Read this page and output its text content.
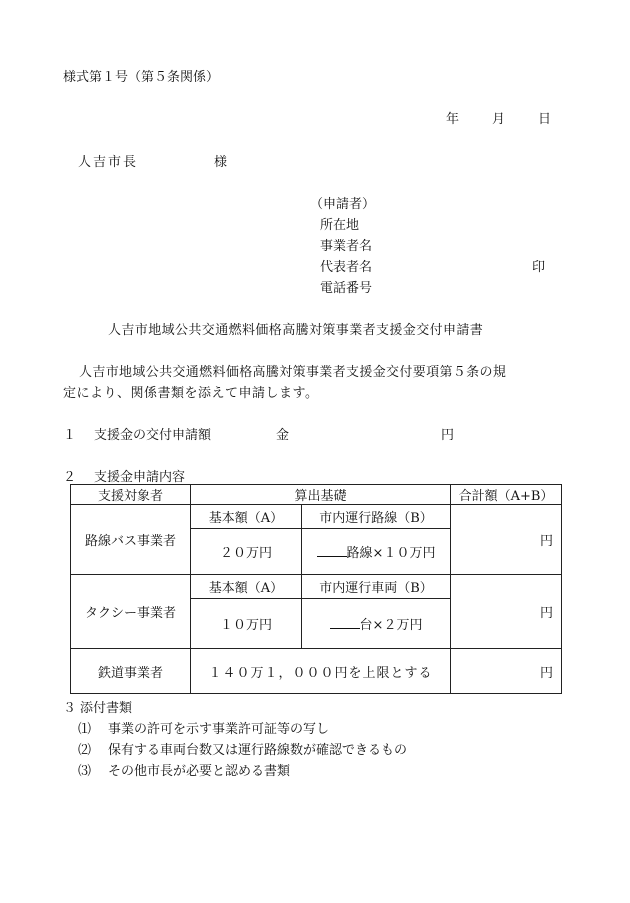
様式第１号（第５条関係）
年	月	日
人吉市長	様
（申請者）
所在地
事業者名
代表者名	印
電話番号
人吉市地域公共交通燃料価格高騰対策事業者支援金交付申請書
人吉市地域公共交通燃料価格高騰対策事業者支援金交付要項第５条の規
定により、関係書類を添えて申請します。
１ 支援金の交付申請額	金	円
２ 支援金申請内容
支援対象者	算出基礎		合計額（A+B）
路線バス事業者	基本額（A）	市内運行路線（B）	円
	２０万円	路線×１０万円	
タクシー事業者	基本額（A）	市内運行車両（B）	円
	１０万円	台×２万円	
鉄道事業者	１４０万１，０００円を上限とする		円
３ 添付書類
⑴ 事業の許可を示す事業許可証等の写し
⑵ 保有する車両台数又は運行路線数が確認できるもの
⑶ その他市長が必要と認める書類
